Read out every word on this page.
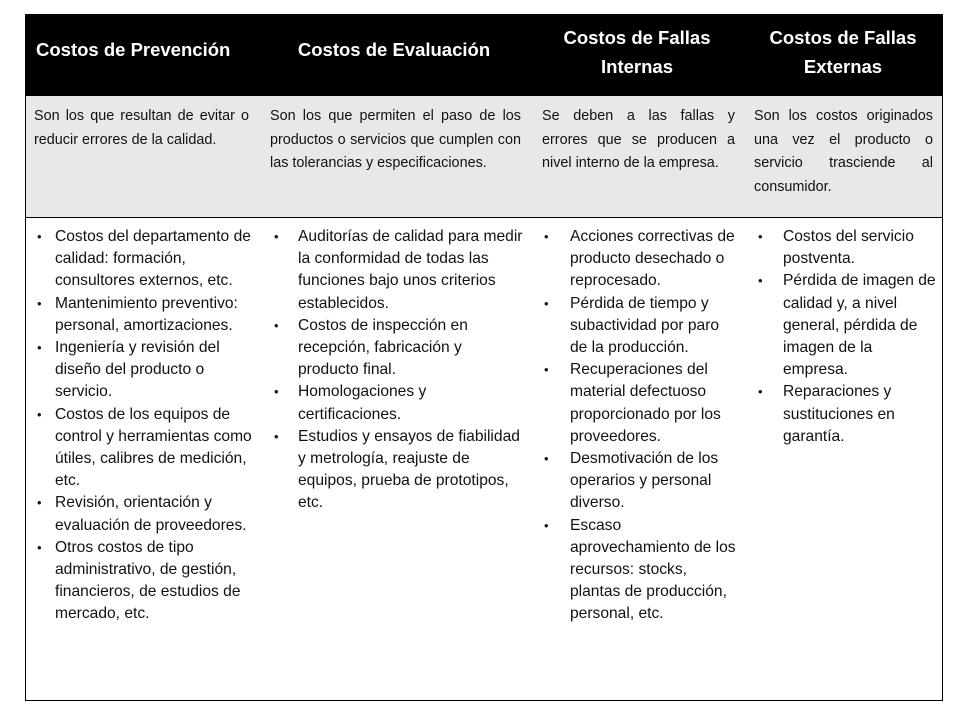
Costos de Prevención	Costos de Evaluación
Costos de Fallas Internas
Costos de Fallas Externas
Son los que resultan de evitar o reducir errores de la calidad.
Son los que permiten el paso de los productos o servicios que cumplen con las tolerancias y especificaciones.
Se deben a las fallas y errores que se producen a nivel interno de la empresa.
Son los costos originados una vez el producto o servicio trasciende al consumidor.
• Costos del departamento de calidad: formación, consultores externos, etc.
• Mantenimiento preventivo: personal, amortizaciones.
• Ingeniería y revisión del diseño del producto o servicio.
• Costos de los equipos de control y herramientas como útiles, calibres de medición, etc.
• Revisión, orientación y evaluación de proveedores.
• Otros costos de tipo administrativo, de gestión, financieros, de estudios de mercado, etc.
• Auditorías de calidad para medir la conformidad de todas las funciones bajo unos criterios establecidos.
• Costos de inspección en recepción, fabricación y producto final.
• Homologaciones y certificaciones.
• Estudios y ensayos de fiabilidad y metrología, reajuste de equipos, prueba de prototipos, etc.
• Acciones correctivas de producto desechado o reprocesado.
• Pérdida de tiempo y subactividad por paro de la producción.
• Recuperaciones del material defectuoso proporcionado por los proveedores.
• Desmotivación de los operarios y personal diverso.
• Escaso aprovechamiento de los recursos: stocks, plantas de producción, personal, etc.
• Costos del servicio postventa.
• Pérdida de imagen de calidad y, a nivel general, pérdida de imagen de la empresa.
• Reparaciones y sustituciones en garantía.
